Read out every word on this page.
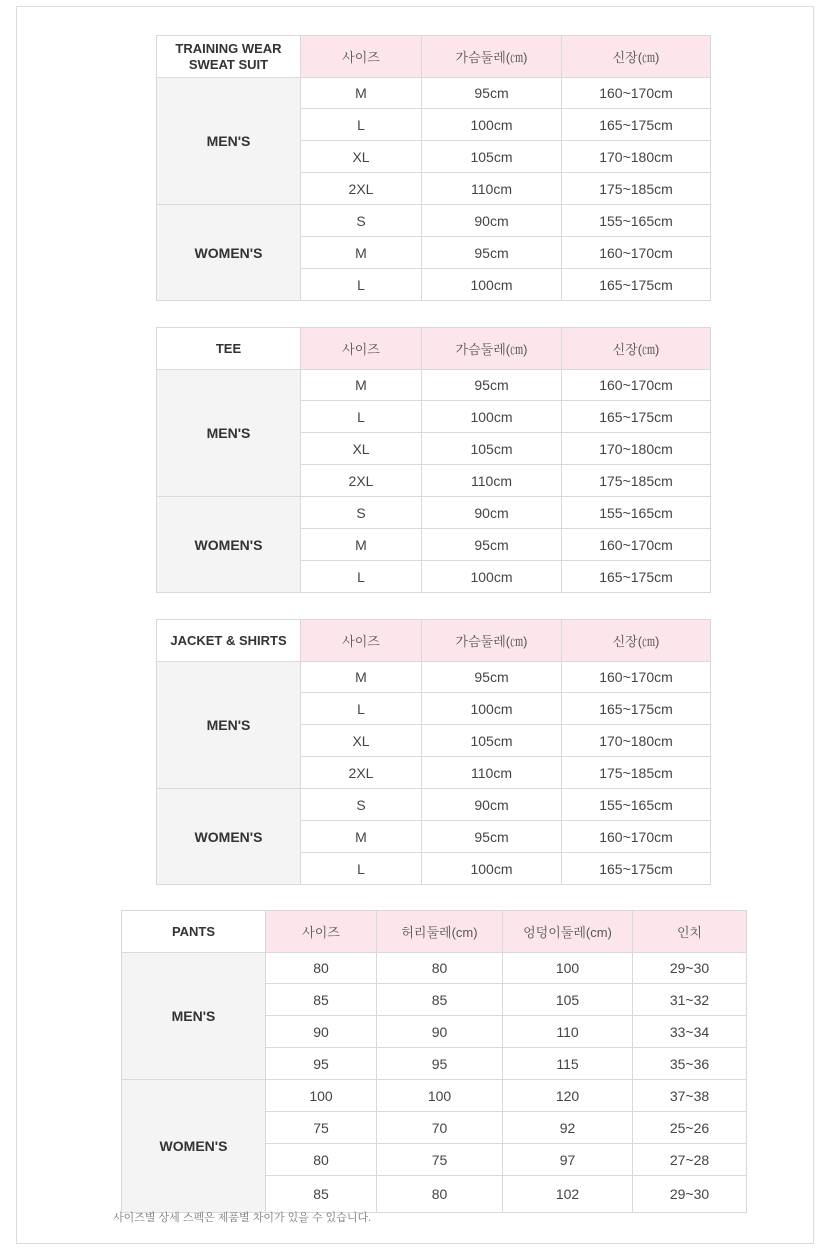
TRAINING WEAR
SWEAT SUIT	사이즈	가슴둘레(㎝)	신장(㎝)
MEN'S	M	95cm	160~170cm
	L	100cm	165~175cm
	XL	105cm	170~180cm
	2XL	110cm	175~185cm
WOMEN'S	S	90cm	155~165cm
	M	95cm	160~170cm
	L	100cm	165~175cm
TEE	사이즈	가슴둘레(㎝)	신장(㎝)
MEN'S	M	95cm	160~170cm
	L	100cm	165~175cm
	XL	105cm	170~180cm
	2XL	110cm	175~185cm
WOMEN'S	S	90cm	155~165cm
	M	95cm	160~170cm
	L	100cm	165~175cm
JACKET & SHIRTS	사이즈	가슴둘레(㎝)	신장(㎝)
MEN'S	M	95cm	160~170cm
	L	100cm	165~175cm
	XL	105cm	170~180cm
	2XL	110cm	175~185cm
WOMEN'S	S	90cm	155~165cm
	M	95cm	160~170cm
	L	100cm	165~175cm
PANTS	사이즈	허리둘레(cm)	엉덩이둘레(cm)	인치
MEN'S	80	80	100	29~30
	85	85	105	31~32
	90	90	110	33~34
	95	95	115	35~36
WOMEN'S	100	100	120	37~38
	75	70	92	25~26
	80	75	97	27~28
	85	80	102	29~30
사이즈별 상세 스펙은 제품별 차이가 있을 수 있습니다.
